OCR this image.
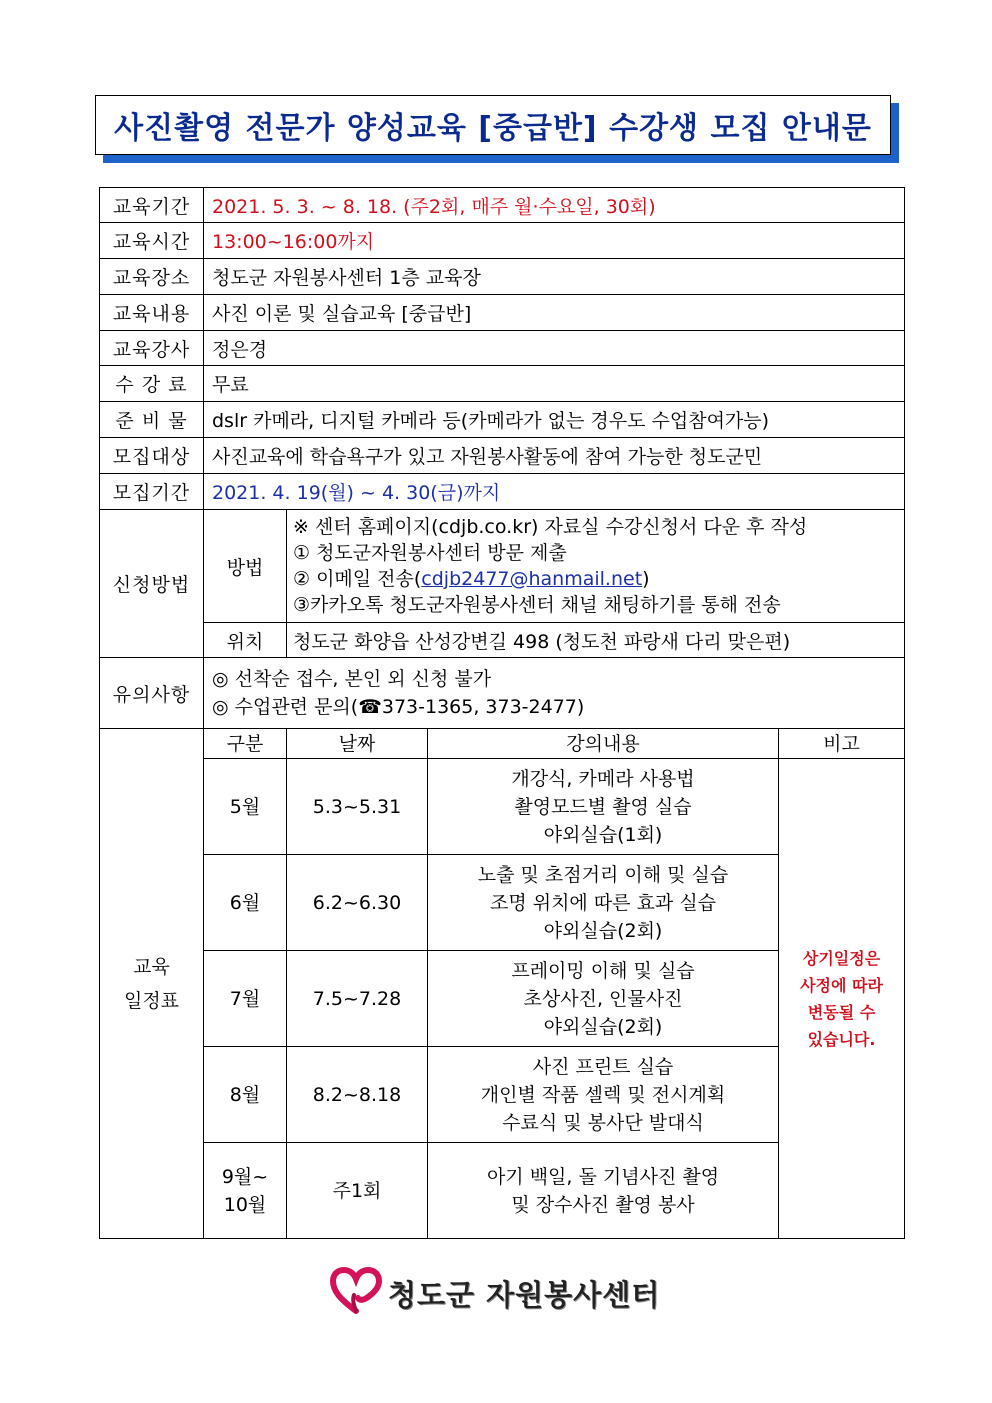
사진촬영 전문가 양성교육 [중급반] 수강생 모집 안내문
교육기간	2021. 5. 3. ~ 8. 18. (주2회, 매주 월·수요일, 30회)			
교육시간	13:00~16:00까지			
교육장소	청도군 자원봉사센터 1층 교육장			
교육내용	사진 이론 및 실습교육 [중급반]			
교육강사	정은경			
수 강 료	무료			
준 비 물	dslr 카메라, 디지털 카메라 등(카메라가 없는 경우도 수업참여가능)			
모집대상	사진교육에 학습욕구가 있고 자원봉사활동에 참여 가능한 청도군민			
모집기간	2021. 4. 19(월) ~ 4. 30(금)까지			
신청방법	방법	※ 센터 홈페이지(cdjb.co.kr) 자료실 수강신청서 다운 후 작성
① 청도군자원봉사센터 방문 제출
② 이메일 전송(cdjb2477@hanmail.net)
③카카오톡 청도군자원봉사센터 채널 채팅하기를 통해 전송		

	위치	청도군 화양읍 산성강변길 498 (청도천 파랑새 다리 맞은편)		
유의사항	◎ 선착순 접수, 본인 외 신청 불가
◎ 수업관련 문의(☎373-1365, 373-2477)			

교육
일정표	구분	날짜	강의내용	비고
	5월	5.3~5.31	개강식, 카메라 사용법
촬영모드별 촬영 실습
야외실습(1회)	상기일정은
사정에 따라
변동될 수
있습니다.

	6월	6.2~6.30	노출 및 초점거리 이해 및 실습
조명 위치에 따른 효과 실습
야외실습(2회)	

	7월	7.5~7.28	프레이밍 이해 및 실습
초상사진, 인물사진
야외실습(2회)	

	8월	8.2~8.18	사진 프린트 실습
개인별 작품 셀렉 및 전시계획
수료식 및 봉사단 발대식	

	9월~
10월	주1회	아기 백일, 돌 기념사진 촬영
및 장수사진 촬영 봉사	
청도군 자원봉사센터
